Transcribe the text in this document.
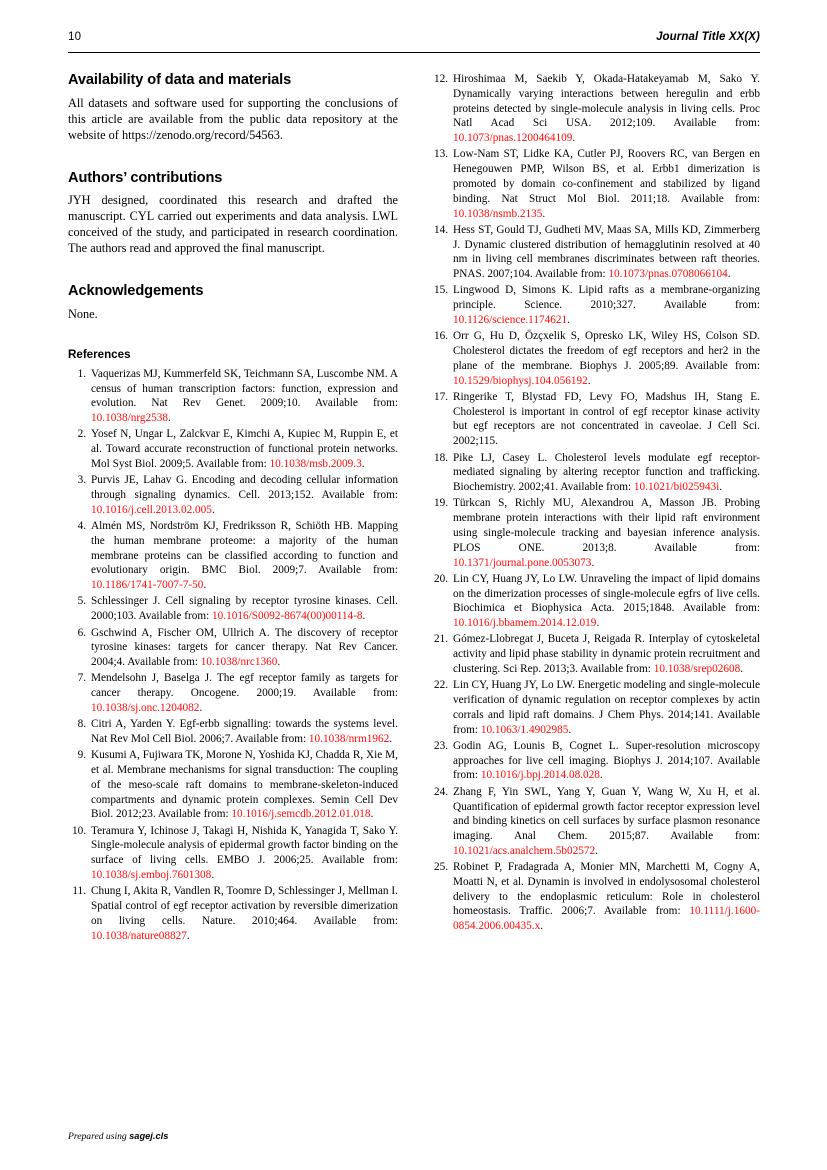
10	Journal Title XX(X)
Availability of data and materials

All datasets and software used for supporting the conclusions of this article are available from the public data repository at the website of https://zenodo.org/record/54563.

Authors’ contributions

JYH designed, coordinated this research and drafted the manuscript. CYL carried out experiments and data analysis. LWL conceived of the study, and participated in research coordination. The authors read and approved the final manuscript.

Acknowledgements

None.

References
Vaquerizas MJ, Kummerfeld SK, Teichmann SA, Luscombe NM. A census of human transcription factors: function, expression and evolution. Nat Rev Genet. 2009;10. Available from: 10.1038/nrg2538.
Yosef N, Ungar L, Zalckvar E, Kimchi A, Kupiec M, Ruppin E, et al. Toward accurate reconstruction of functional protein networks. Mol Syst Biol. 2009;5. Available from: 10.1038/msb.2009.3.
Purvis JE, Lahav G. Encoding and decoding cellular information through signaling dynamics. Cell. 2013;152. Available from: 10.1016/j.cell.2013.02.005.
Almén MS, Nordström KJ, Fredriksson R, Schiöth HB. Mapping the human membrane proteome: a majority of the human membrane proteins can be classified according to function and evolutionary origin. BMC Biol. 2009;7. Available from: 10.1186/1741-7007-7-50.
Schlessinger J. Cell signaling by receptor tyrosine kinases. Cell. 2000;103. Available from: 10.1016/S0092-8674(00)00114-8.
Gschwind A, Fischer OM, Ullrich A. The discovery of receptor tyrosine kinases: targets for cancer therapy. Nat Rev Cancer. 2004;4. Available from: 10.1038/nrc1360.
Mendelsohn J, Baselga J. The egf receptor family as targets for cancer therapy. Oncogene. 2000;19. Available from: 10.1038/sj.onc.1204082.
Citri A, Yarden Y. Egf-erbb signalling: towards the systems level. Nat Rev Mol Cell Biol. 2006;7. Available from: 10.1038/nrm1962.
Kusumi A, Fujiwara TK, Morone N, Yoshida KJ, Chadda R, Xie M, et al. Membrane mechanisms for signal transduction: The coupling of the meso-scale raft domains to membrane-skeleton-induced compartments and dynamic protein complexes. Semin Cell Dev Biol. 2012;23. Available from: 10.1016/j.semcdb.2012.01.018.
Teramura Y, Ichinose J, Takagi H, Nishida K, Yanagida T, Sako Y. Single-molecule analysis of epidermal growth factor binding on the surface of living cells. EMBO J. 2006;25. Available from: 10.1038/sj.emboj.7601308.
Chung I, Akita R, Vandlen R, Toomre D, Schlessinger J, Mellman I. Spatial control of egf receptor activation by reversible dimerization on living cells. Nature. 2010;464. Available from: 10.1038/nature08827.
Hiroshimaa M, Saekib Y, Okada-Hatakeyamab M, Sako Y. Dynamically varying interactions between heregulin and erbb proteins detected by single-molecule analysis in living cells. Proc Natl Acad Sci USA. 2012;109. Available from: 10.1073/pnas.1200464109.
Low-Nam ST, Lidke KA, Cutler PJ, Roovers RC, van Bergen en Henegouwen PMP, Wilson BS, et al. Erbb1 dimerization is promoted by domain co-confinement and stabilized by ligand binding. Nat Struct Mol Biol. 2011;18. Available from: 10.1038/nsmb.2135.
Hess ST, Gould TJ, Gudheti MV, Maas SA, Mills KD, Zimmerberg J. Dynamic clustered distribution of hemagglutinin resolved at 40 nm in living cell membranes discriminates between raft theories. PNAS. 2007;104. Available from: 10.1073/pnas.0708066104.
Lingwood D, Simons K. Lipid rafts as a membrane-organizing principle. Science. 2010;327. Available from: 10.1126/science.1174621.
Orr G, Hu D, Özçxelik S, Opresko LK, Wiley HS, Colson SD. Cholesterol dictates the freedom of egf receptors and her2 in the plane of the membrane. Biophys J. 2005;89. Available from: 10.1529/biophysj.104.056192.
Ringerike T, Blystad FD, Levy FO, Madshus IH, Stang E. Cholesterol is important in control of egf receptor kinase activity but egf receptors are not concentrated in caveolae. J Cell Sci. 2002;115.
Pike LJ, Casey L. Cholesterol levels modulate egf receptor-mediated signaling by altering receptor function and trafficking. Biochemistry. 2002;41. Available from: 10.1021/bi025943i.
Türkcan S, Richly MU, Alexandrou A, Masson JB. Probing membrane protein interactions with their lipid raft environment using single-molecule tracking and bayesian inference analysis. PLOS ONE. 2013;8. Available from: 10.1371/journal.pone.0053073.
Lin CY, Huang JY, Lo LW. Unraveling the impact of lipid domains on the dimerization processes of single-molecule egfrs of live cells. Biochimica et Biophysica Acta. 2015;1848. Available from: 10.1016/j.bbamem.2014.12.019.
Gómez-Llobregat J, Buceta J, Reigada R. Interplay of cytoskeletal activity and lipid phase stability in dynamic protein recruitment and clustering. Sci Rep. 2013;3. Available from: 10.1038/srep02608.
Lin CY, Huang JY, Lo LW. Energetic modeling and single-molecule verification of dynamic regulation on receptor complexes by actin corrals and lipid raft domains. J Chem Phys. 2014;141. Available from: 10.1063/1.4902985.
Godin AG, Lounis B, Cognet L. Super-resolution microscopy approaches for live cell imaging. Biophys J. 2014;107. Available from: 10.1016/j.bpj.2014.08.028.
Zhang F, Yin SWL, Yang Y, Guan Y, Wang W, Xu H, et al. Quantification of epidermal growth factor receptor expression level and binding kinetics on cell surfaces by surface plasmon resonance imaging. Anal Chem. 2015;87. Available from: 10.1021/acs.analchem.5b02572.
Robinet P, Fradagrada A, Monier MN, Marchetti M, Cogny A, Moatti N, et al. Dynamin is involved in endolysosomal cholesterol delivery to the endoplasmic reticulum: Role in cholesterol homeostasis. Traffic. 2006;7. Available from: 10.1111/j.1600-0854.2006.00435.x.
Prepared using sagej.cls
